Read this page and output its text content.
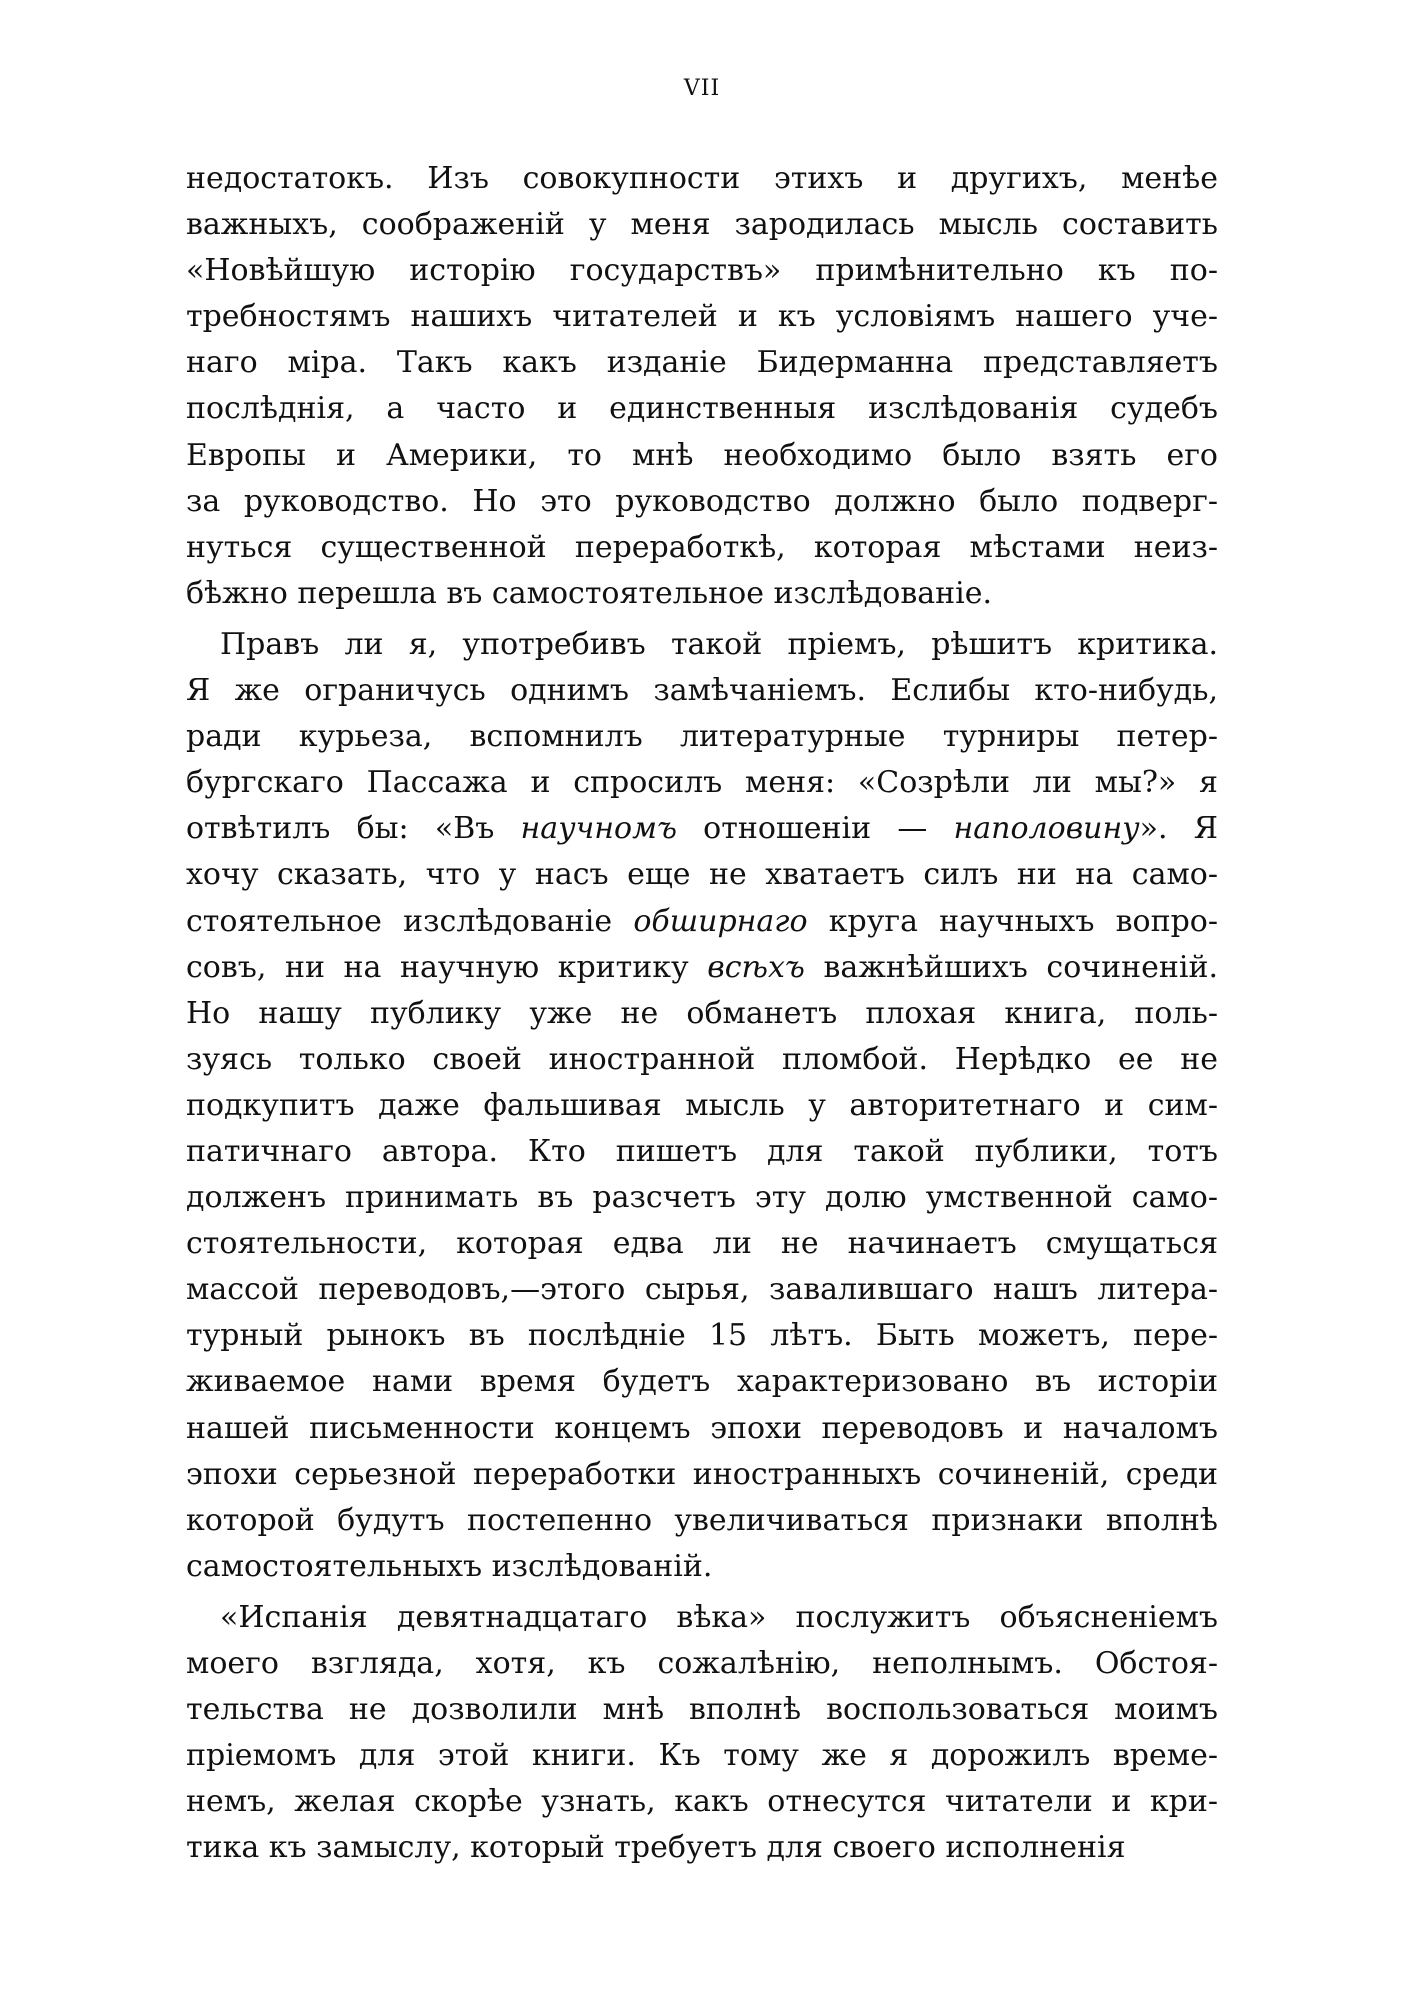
VII
недостатокъ. Изъ совокупности этихъ и другихъ, менѣе
важныхъ, соображеній у меня зародилась мысль составить
«Новѣйшую исторію государствъ» примѣнительно къ по-
требностямъ нашихъ читателей и къ условіямъ нашего уче-
наго міра. Такъ какъ изданіе Бидерманна представляетъ
послѣднія, а часто и единственныя изслѣдованія судебъ
Европы и Америки, то мнѣ необходимо было взять его
за руководство. Но это руководство должно было подверг-
нуться существенной переработкѣ, которая мѣстами неиз-
бѣжно перешла въ самостоятельное изслѣдованіе.
Правъ ли я, употребивъ такой пріемъ, рѣшитъ критика.
Я же ограничусь однимъ замѣчаніемъ. Еслибы кто-нибудь,
ради курьеза, вспомнилъ литературные турниры петер-
бургскаго Пассажа и спросилъ меня: «Созрѣли ли мы?» я
отвѣтилъ бы: «Въ научномъ отношеніи — наполовину». Я
хочу сказать, что у насъ еще не хватаетъ силъ ни на само-
стоятельное изслѣдованіе обширнаго круга научныхъ вопро-
совъ, ни на научную критику всѣхъ важнѣйшихъ сочиненій.
Но нашу публику уже не обманетъ плохая книга, поль-
зуясь только своей иностранной пломбой. Нерѣдко ее не
подкупитъ даже фальшивая мысль у авторитетнаго и сим-
патичнаго автора. Кто пишетъ для такой публики, тотъ
долженъ принимать въ разсчетъ эту долю умственной само-
стоятельности, которая едва ли не начинаетъ смущаться
массой переводовъ,—этого сырья, завалившаго нашъ литера-
турный рынокъ въ послѣдніе 15 лѣтъ. Быть можетъ, пере-
живаемое нами время будетъ характеризовано въ исторіи
нашей письменности концемъ эпохи переводовъ и началомъ
эпохи серьезной переработки иностранныхъ сочиненій, среди
которой будутъ постепенно увеличиваться признаки вполнѣ
самостоятельныхъ изслѣдованій.
«Испанія девятнадцатаго вѣка» послужитъ объясненіемъ
моего взгляда, хотя, къ сожалѣнію, неполнымъ. Обстоя-
тельства не дозволили мнѣ вполнѣ воспользоваться моимъ
пріемомъ для этой книги. Къ тому же я дорожилъ време-
немъ, желая скорѣе узнать, какъ отнесутся читатели и кри-
тика къ замыслу, который требуетъ для своего исполненія
